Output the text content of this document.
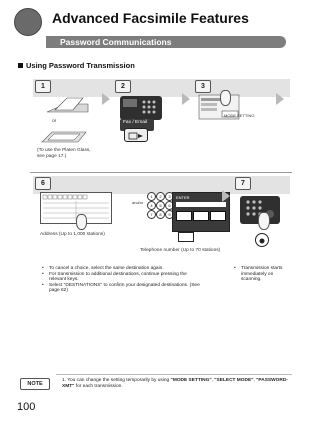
Advanced Facsimile Features
Password Communications
Using Password Transmission
1	2	3
or
(To use the Platen Glass,
see page 17.)
Fax / Email
MODE SETTING
6	7
Address (Up to 1,000 stations)
and/or
1	2	3
4	5	6
7	8	9
ENTER
Telephone number (Up to 70 stations)
• To cancel a choice, select the same destination again.
• For transmission to additional destinations, continue pressing the relevant keys.
• Select "DESTINATIONS" to confirm your designated destinations. (See page 62)
• Transmission starts immediately on scanning.
NOTE
1. You can change the setting temporarily by using "MODE SETTING", "SELECT MODE", "PASSWORD-XMT" for each transmission.
100
